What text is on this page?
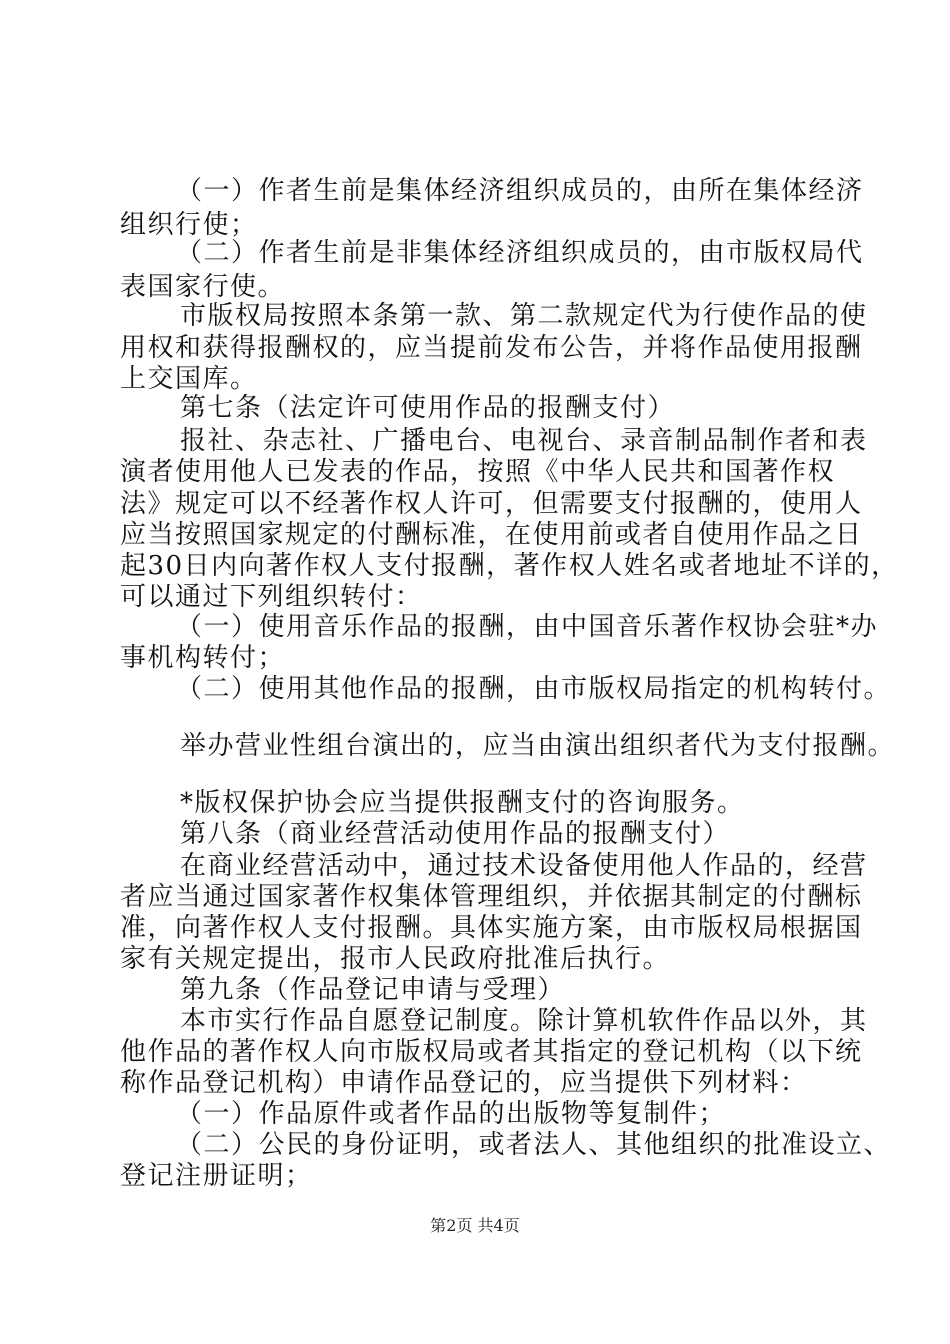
（一）作者生前是集体经济组织成员的，由所在集体经济
组织行使；
（二）作者生前是非集体经济组织成员的，由市版权局代
表国家行使。
市版权局按照本条第一款、第二款规定代为行使作品的使
用权和获得报酬权的，应当提前发布公告，并将作品使用报酬
上交国库。
第七条（法定许可使用作品的报酬支付）
报社、杂志社、广播电台、电视台、录音制品制作者和表
演者使用他人已发表的作品，按照《中华人民共和国著作权
法》规定可以不经著作权人许可，但需要支付报酬的，使用人
应当按照国家规定的付酬标准，在使用前或者自使用作品之日
起30日内向著作权人支付报酬，著作权人姓名或者地址不详的，
可以通过下列组织转付：
（一）使用音乐作品的报酬，由中国音乐著作权协会驻*办
事机构转付；
（二）使用其他作品的报酬，由市版权局指定的机构转付。
举办营业性组台演出的，应当由演出组织者代为支付报酬。
*版权保护协会应当提供报酬支付的咨询服务。
第八条（商业经营活动使用作品的报酬支付）
在商业经营活动中，通过技术设备使用他人作品的，经营
者应当通过国家著作权集体管理组织，并依据其制定的付酬标
准，向著作权人支付报酬。具体实施方案，由市版权局根据国
家有关规定提出，报市人民政府批准后执行。
第九条（作品登记申请与受理）
本市实行作品自愿登记制度。除计算机软件作品以外，其
他作品的著作权人向市版权局或者其指定的登记机构（以下统
称作品登记机构）申请作品登记的，应当提供下列材料：
（一）作品原件或者作品的出版物等复制件；
（二）公民的身份证明，或者法人、其他组织的批准设立、
登记注册证明；
第2页 共4页
